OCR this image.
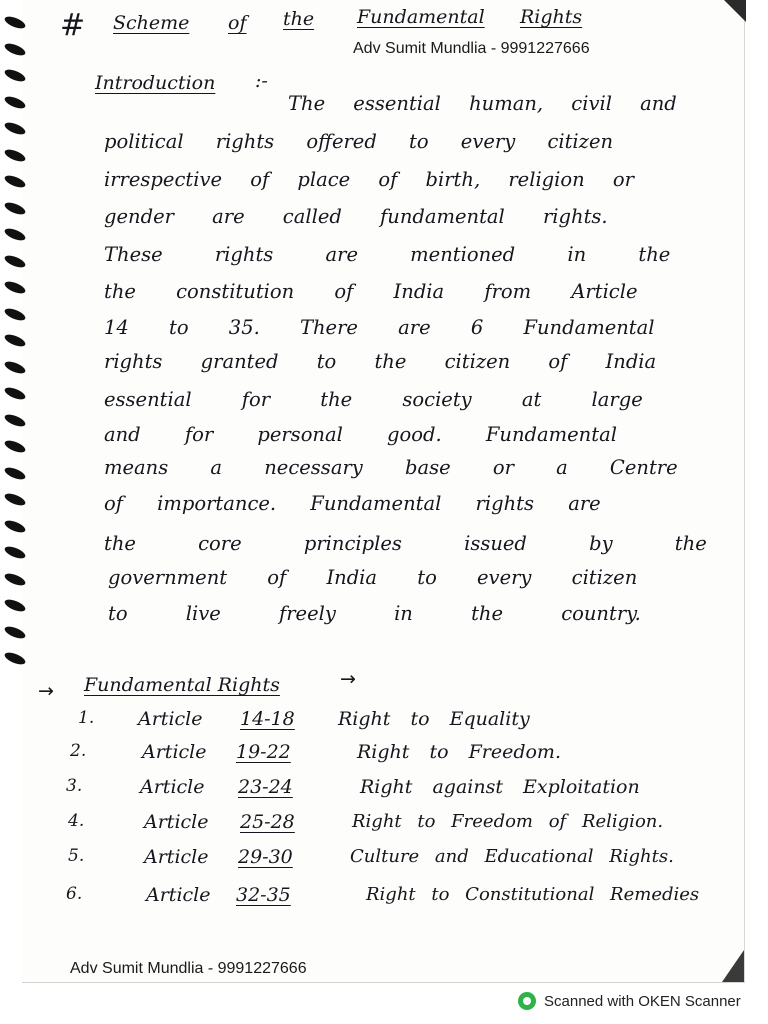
# Scheme of the Fundamental Rights
Adv Sumit Mundlia - 9991227666
Introduction :-
The essential human, civil and
political rights offered to every citizen
irrespective of place of birth, religion or
gender are called fundamental rights.
These rights are mentioned in the
the constitution of India from Article
14 to 35. There are 6 Fundamental
rights granted to the citizen of India
essential for the society at large
and for personal good. Fundamental
means a necessary base or a Centre
of importance. Fundamental rights are
the core principles issued by the
government of India to every citizen
to live freely in the country.
→ Fundamental Rights	→
1. Article 14-18 Right to Equality
2.	Article 19-22	Right to Freedom.
3.	Article 23-24	Right against Exploitation
4.	Article 25-28	Right to Freedom of Religion.
5.	Article 29-30	Culture and Educational Rights.
6.	Article 32-35	Right to Constitutional Remedies
Adv Sumit Mundlia - 9991227666
Scanned with OKEN Scanner
